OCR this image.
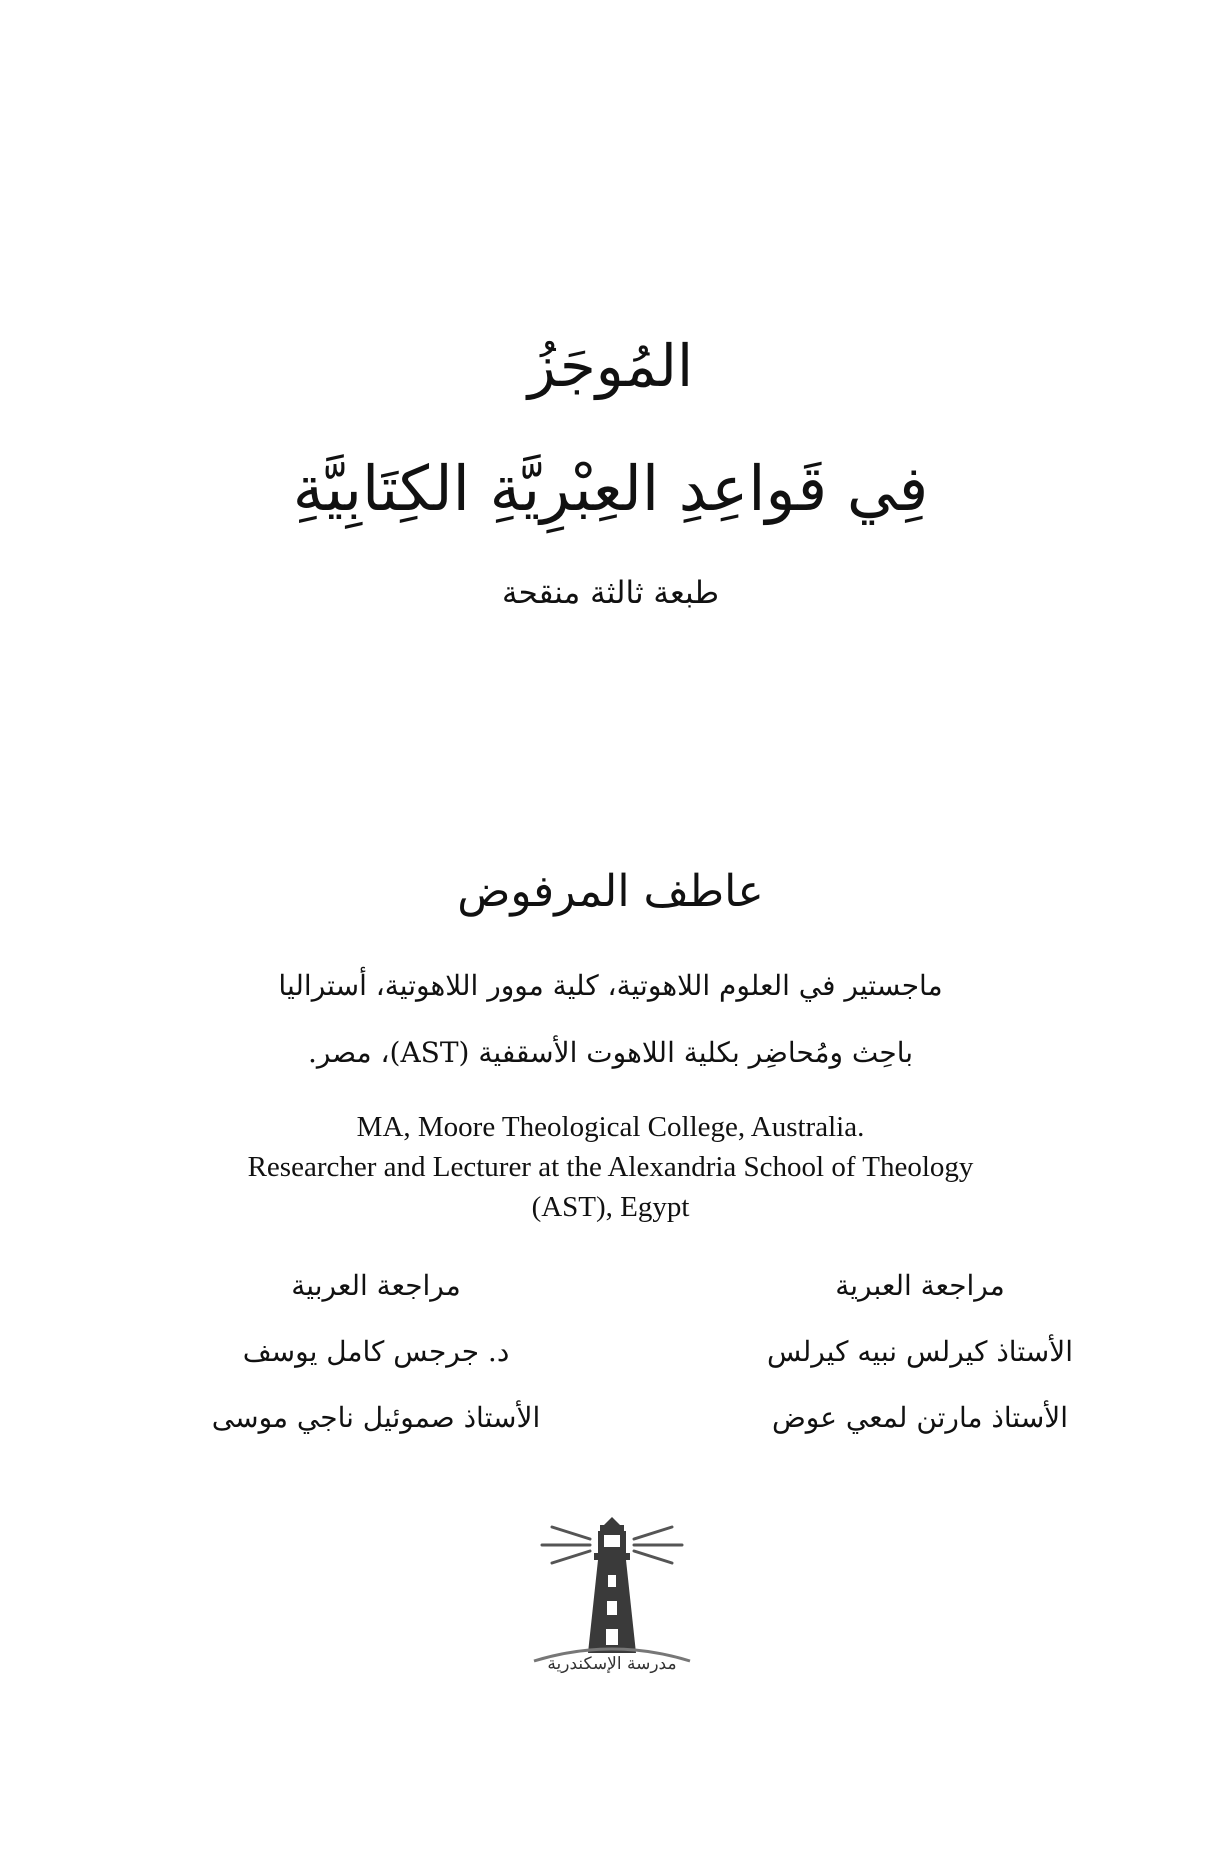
المُوجَزُ
فِي قَواعِدِ العِبْرِيَّةِ الكِتَابِيَّةِ
طبعة ثالثة منقحة
عاطف المرفوض
ماجستير في العلوم اللاهوتية، كلية موور اللاهوتية، أستراليا
باحِث ومُحاضِر بكلية اللاهوت الأسقفية (AST)، مصر.
MA, Moore Theological College, Australia.
Researcher and Lecturer at the Alexandria School of Theology
(AST), Egypt
مراجعة العبرية
الأستاذ كيرلس نبيه كيرلس
الأستاذ مارتن لمعي عوض
مراجعة العربية
د. جرجس كامل يوسف
الأستاذ صموئيل ناجي موسى
مدرسة الإسكندرية
